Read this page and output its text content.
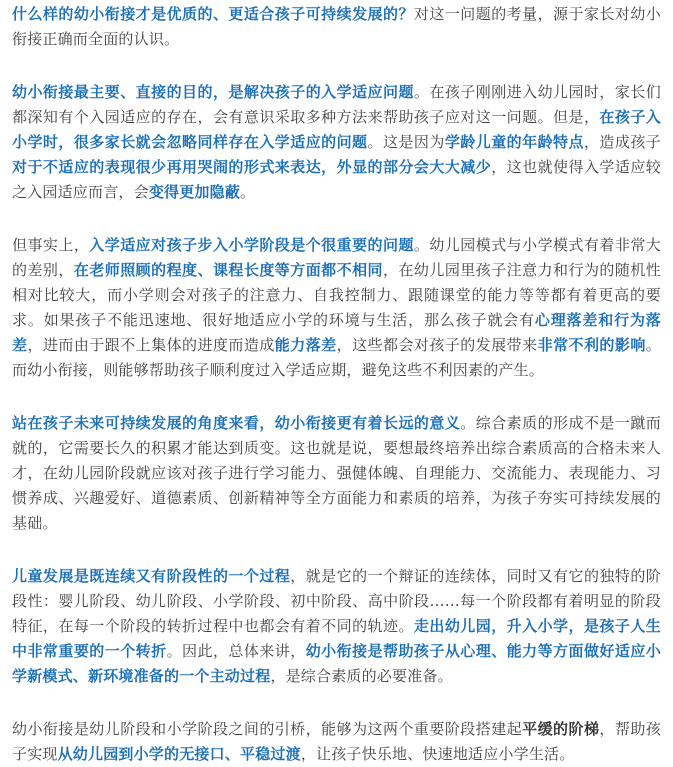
什么样的幼小衔接才是优质的、更适合孩子可持续发展的？对这一问题的考量，源于家长对幼小衔接正确而全面的认识。

幼小衔接最主要、直接的目的，是解决孩子的入学适应问题。在孩子刚刚进入幼儿园时，家长们都深知有个入园适应的存在，会有意识采取多种方法来帮助孩子应对这一问题。但是，在孩子入小学时，很多家长就会忽略同样存在入学适应的问题。这是因为学龄儿童的年龄特点，造成孩子对于不适应的表现很少再用哭闹的形式来表达，外显的部分会大大减少，这也就使得入学适应较之入园适应而言，会变得更加隐蔽。

但事实上，入学适应对孩子步入小学阶段是个很重要的问题。幼儿园模式与小学模式有着非常大的差别，在老师照顾的程度、课程长度等方面都不相同，在幼儿园里孩子注意力和行为的随机性相对比较大，而小学则会对孩子的注意力、自我控制力、跟随课堂的能力等等都有着更高的要求。如果孩子不能迅速地、很好地适应小学的环境与生活，那么孩子就会有心理落差和行为落差，进而由于跟不上集体的进度而造成能力落差，这些都会对孩子的发展带来非常不利的影响。而幼小衔接，则能够帮助孩子顺利度过入学适应期，避免这些不利因素的产生。

站在孩子未来可持续发展的角度来看，幼小衔接更有着长远的意义。综合素质的形成不是一蹴而就的，它需要长久的积累才能达到质变。这也就是说，要想最终培养出综合素质高的合格未来人才，在幼儿园阶段就应该对孩子进行学习能力、强健体魄、自理能力、交流能力、表现能力、习惯养成、兴趣爱好、道德素质、创新精神等全方面能力和素质的培养，为孩子夯实可持续发展的基础。

儿童发展是既连续又有阶段性的一个过程，就是它的一个辩证的连续体，同时又有它的独特的阶段性：婴儿阶段、幼儿阶段、小学阶段、初中阶段、高中阶段……每一个阶段都有着明显的阶段特征，在每一个阶段的转折过程中也都会有着不同的轨迹。走出幼儿园，升入小学，是孩子人生中非常重要的一个转折。因此，总体来讲，幼小衔接是帮助孩子从心理、能力等方面做好适应小学新模式、新环境准备的一个主动过程，是综合素质的必要准备。

幼小衔接是幼儿阶段和小学阶段之间的引桥，能够为这两个重要阶段搭建起平缓的阶梯，帮助孩子实现从幼儿园到小学的无接口、平稳过渡，让孩子快乐地、快速地适应小学生活。
